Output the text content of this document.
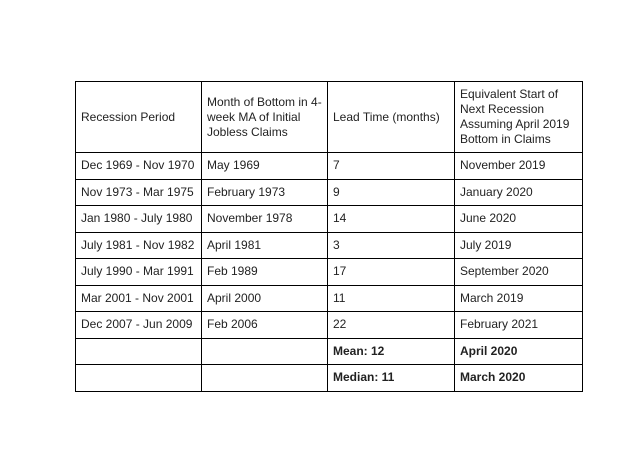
Recession Period	Month of Bottom in 4-week MA of Initial Jobless Claims	Lead Time (months)	Equivalent Start of Next Recession Assuming April 2019 Bottom in Claims
Dec 1969 - Nov 1970	May 1969	7	November 2019
Nov 1973 - Mar 1975	February 1973	9	January 2020
Jan 1980 - July 1980	November 1978	14	June 2020
July 1981 - Nov 1982	April 1981	3	July 2019
July 1990 - Mar 1991	Feb 1989	17	September 2020
Mar 2001 - Nov 2001	April 2000	11	March 2019
Dec 2007 - Jun 2009	Feb 2006	22	February 2021
		Mean: 12	April 2020
		Median: 11	March 2020
